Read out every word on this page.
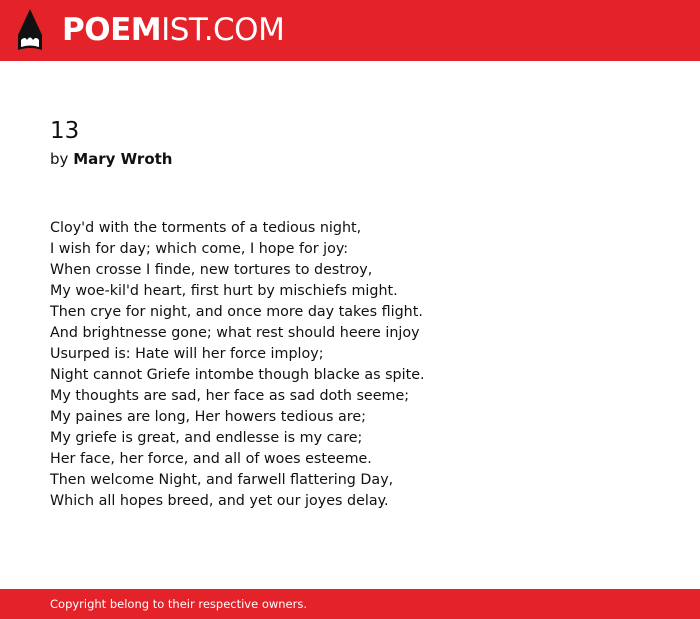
POEMIST.COM
13
by Mary Wroth
Cloy'd with the torments of a tedious night,
I wish for day; which come, I hope for joy:
When crosse I finde, new tortures to destroy,
My woe-kil'd heart, first hurt by mischiefs might.
Then crye for night, and once more day takes flight.
And brightnesse gone; what rest should heere injoy
Usurped is: Hate will her force imploy;
Night cannot Griefe intombe though blacke as spite.
My thoughts are sad, her face as sad doth seeme;
My paines are long, Her howers tedious are;
My griefe is great, and endlesse is my care;
Her face, her force, and all of woes esteeme.
Then welcome Night, and farwell flattering Day,
Which all hopes breed, and yet our joyes delay.
Copyright belong to their respective owners.
